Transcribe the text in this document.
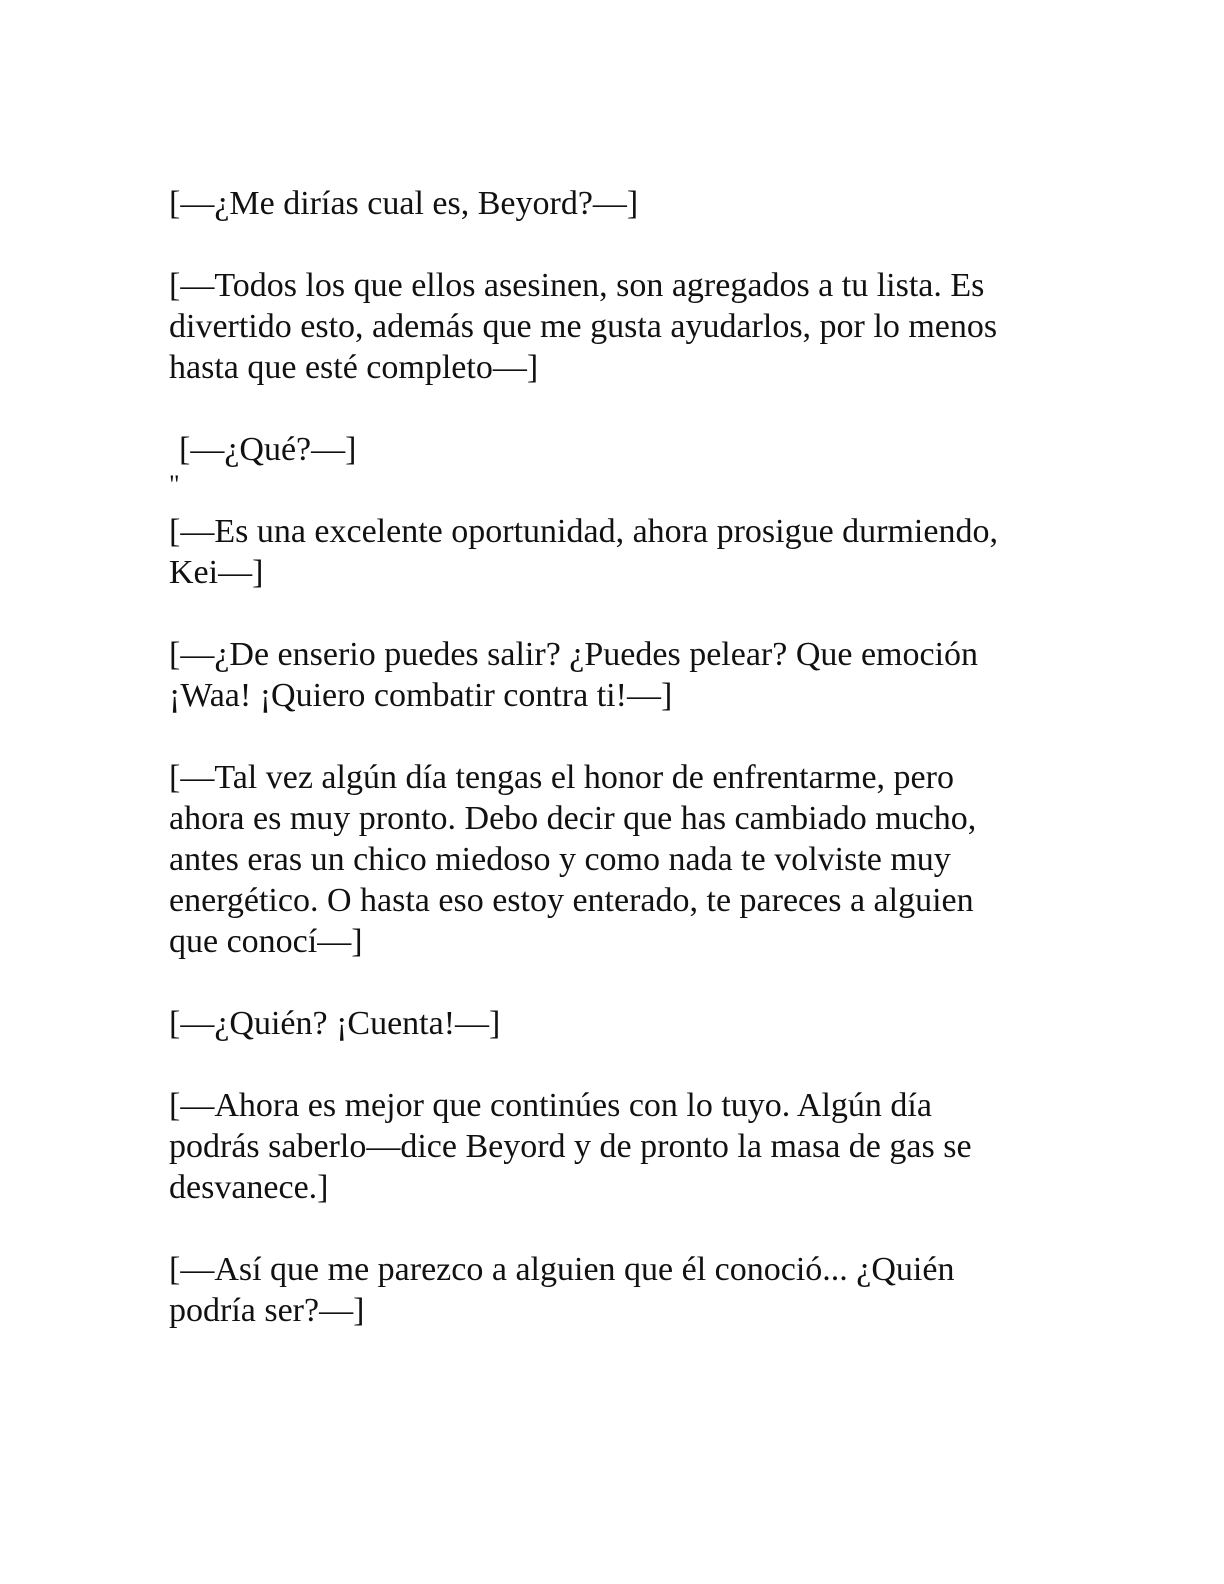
[—¿Me dirías cual es, Beyord?—]

[—Todos los que ellos asesinen, son agregados a tu lista. Es
divertido esto, además que me gusta ayudarlos, por lo menos
hasta que esté completo—]

[—¿Qué?—]

"

[—Es una excelente oportunidad, ahora prosigue durmiendo,
Kei—]

[—¿De enserio puedes salir? ¿Puedes pelear? Que emoción
¡Waa! ¡Quiero combatir contra ti!—]

[—Tal vez algún día tengas el honor de enfrentarme, pero
ahora es muy pronto. Debo decir que has cambiado mucho,
antes eras un chico miedoso y como nada te volviste muy
energético. O hasta eso estoy enterado, te pareces a alguien
que conocí—]

[—¿Quién? ¡Cuenta!—]

[—Ahora es mejor que continúes con lo tuyo. Algún día
podrás saberlo—dice Beyord y de pronto la masa de gas se
desvanece.]

[—Así que me parezco a alguien que él conoció... ¿Quién
podría ser?—]
